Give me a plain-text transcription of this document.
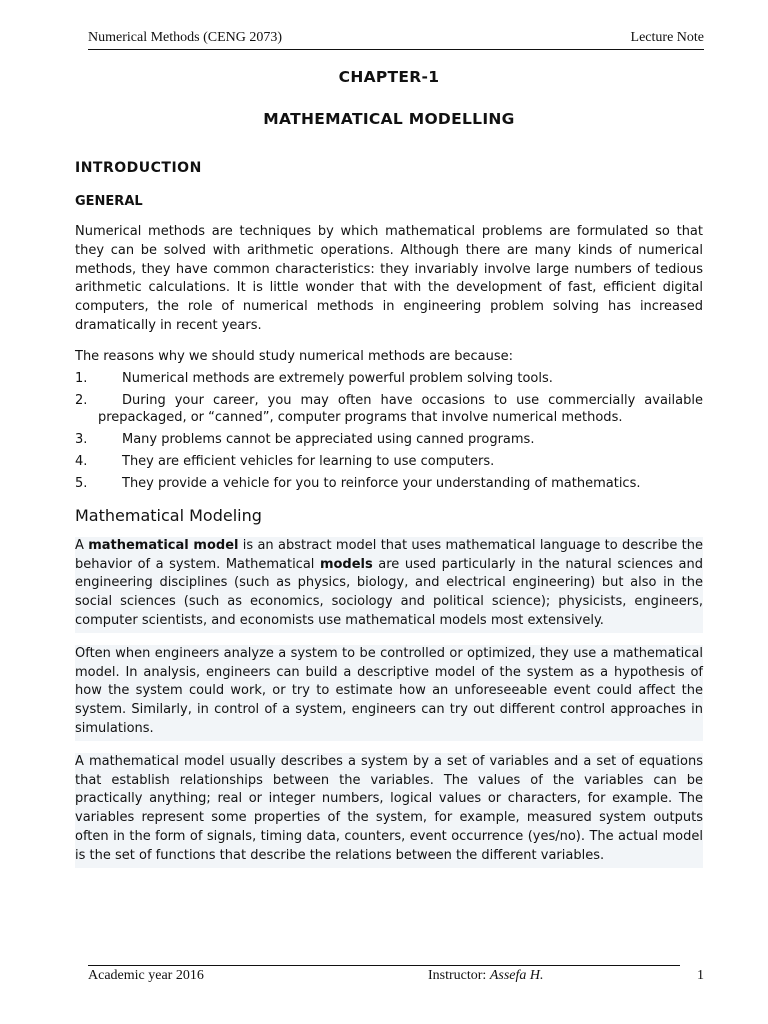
Numerical Methods (CENG 2073)	Lecture Note
CHAPTER-1
MATHEMATICAL MODELLING
INTRODUCTION
GENERAL

Numerical methods are techniques by which mathematical problems are formulated so that they can be solved with arithmetic operations. Although there are many kinds of numerical methods, they have common characteristics: they invariably involve large numbers of tedious arithmetic calculations. It is little wonder that with the development of fast, efficient digital computers, the role of numerical methods in engineering problem solving has increased dramatically in recent years.

The reasons why we should study numerical methods are because:
1.	Numerical methods are extremely powerful problem solving tools.
2.	During your career, you may often have occasions to use commercially available prepackaged, or “canned”, computer programs that involve numerical methods.
3.	Many problems cannot be appreciated using canned programs.
4.	They are efficient vehicles for learning to use computers.
5.	They provide a vehicle for you to reinforce your understanding of mathematics.
Mathematical Modeling

A mathematical model is an abstract model that uses mathematical language to describe the behavior of a system. Mathematical models are used particularly in the natural sciences and engineering disciplines (such as physics, biology, and electrical engineering) but also in the social sciences (such as economics, sociology and political science); physicists, engineers, computer scientists, and economists use mathematical models most extensively.

Often when engineers analyze a system to be controlled or optimized, they use a mathematical model. In analysis, engineers can build a descriptive model of the system as a hypothesis of how the system could work, or try to estimate how an unforeseeable event could affect the system. Similarly, in control of a system, engineers can try out different control approaches in simulations.

A mathematical model usually describes a system by a set of variables and a set of equations that establish relationships between the variables. The values of the variables can be practically anything; real or integer numbers, logical values or characters, for example. The variables represent some properties of the system, for example, measured system outputs often in the form of signals, timing data, counters, event occurrence (yes/no). The actual model is the set of functions that describe the relations between the different variables.

Academic year 2016	Instructor: Assefa H.	1
